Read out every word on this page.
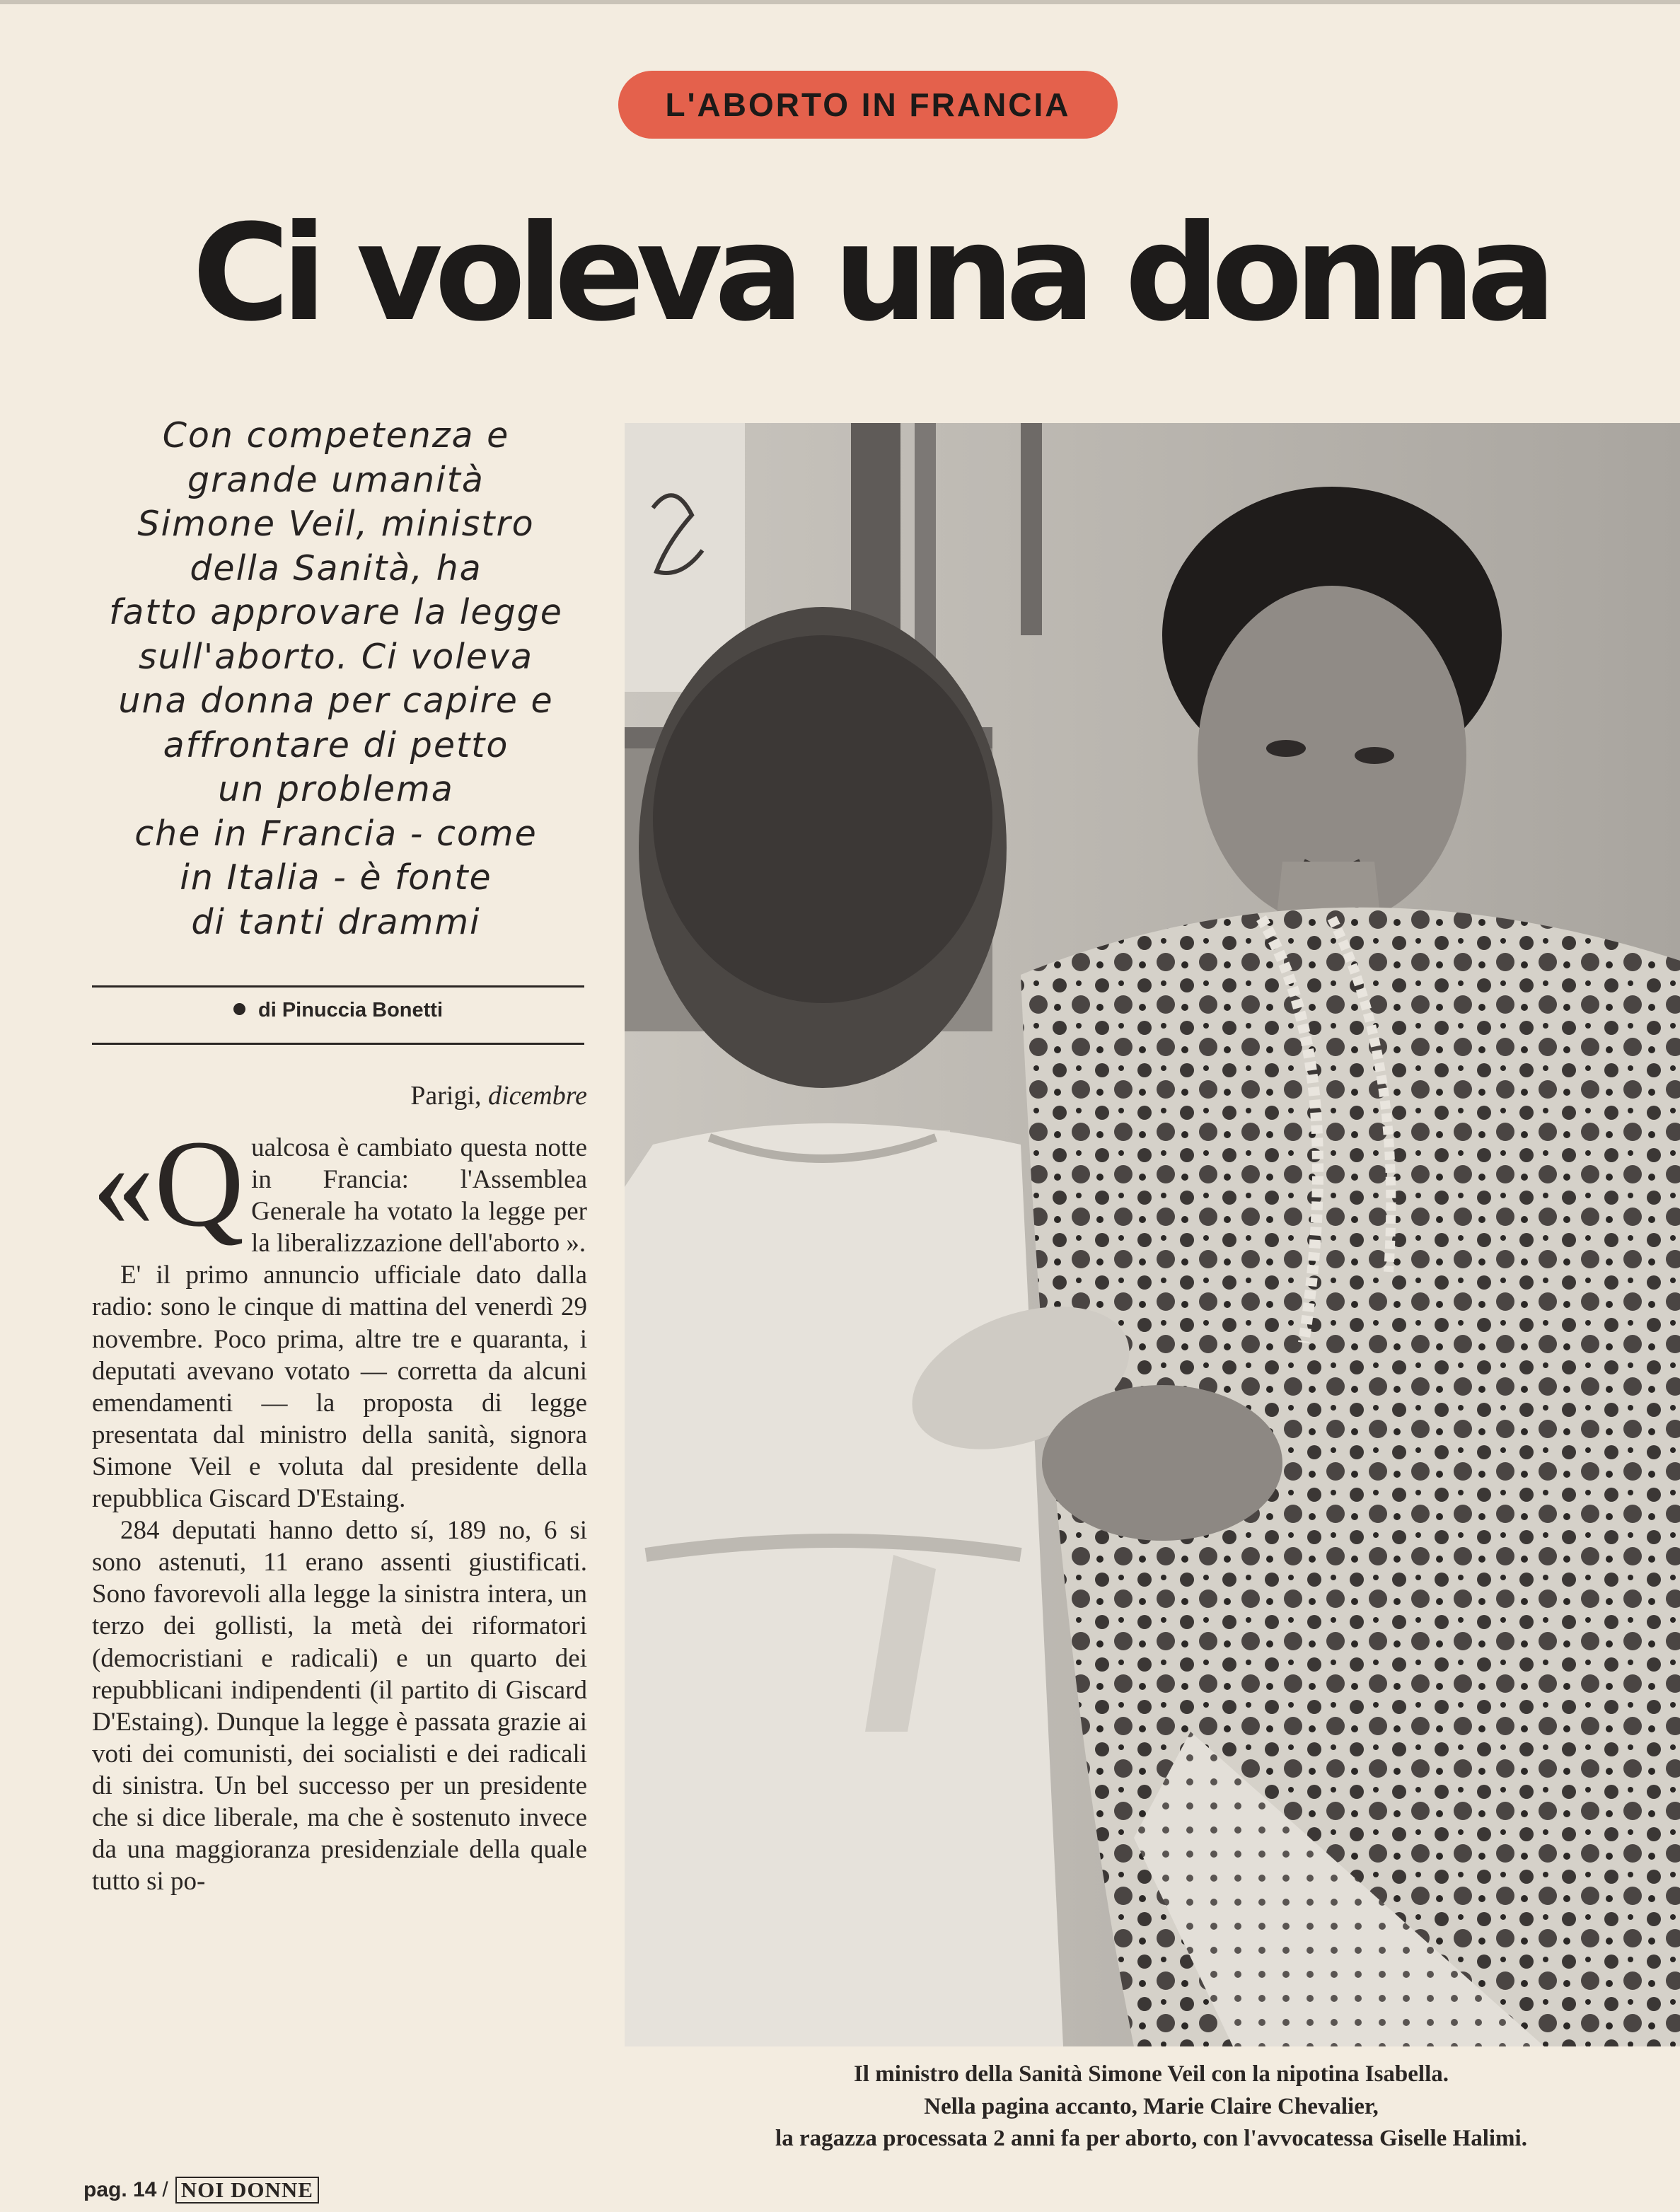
L'ABORTO IN FRANCIA
Ci voleva una donna

Con competenza e

grande umanità

Simone Veil, ministro

della Sanità, ha

fatto approvare la legge

sull'aborto. Ci voleva

una donna per capire e

affrontare di petto

un problema

che in Francia - come

in Italia - è fonte

di tanti drammi

di Pinuccia Bonetti
Parigi, dicembre

«Qualcosa è cambiato questa notte in Francia: l'Assemblea Generale ha votato la legge per la liberalizzazione dell'aborto ».

E' il primo annuncio ufficiale dato dalla radio: sono le cinque di mattina del venerdì 29 novembre. Poco prima, altre tre e quaranta, i deputati avevano votato — corretta da alcuni emendamenti — la proposta di legge presentata dal ministro della sanità, signora Simone Veil e voluta dal presidente della repubblica Giscard D'Estaing.

284 deputati hanno detto sí, 189 no, 6 si sono astenuti, 11 erano assenti giustificati. Sono favorevoli alla legge la sinistra intera, un terzo dei gollisti, la metà dei riformatori (democristiani e radicali) e un quarto dei repubblicani indipendenti (il partito di Giscard D'Estaing). Dunque la legge è passata grazie ai voti dei comunisti, dei socialisti e dei radicali di sinistra. Un bel successo per un presidente che si dice liberale, ma che è sostenuto invece da una maggioranza presidenziale della quale tutto si po-

Il ministro della Sanità Simone Veil con la nipotina Isabella.

Nella pagina accanto, Marie Claire Chevalier,

la ragazza processata 2 anni fa per aborto, con l'avvocatessa Giselle Halimi.

pag. 14 / NOI DONNE
